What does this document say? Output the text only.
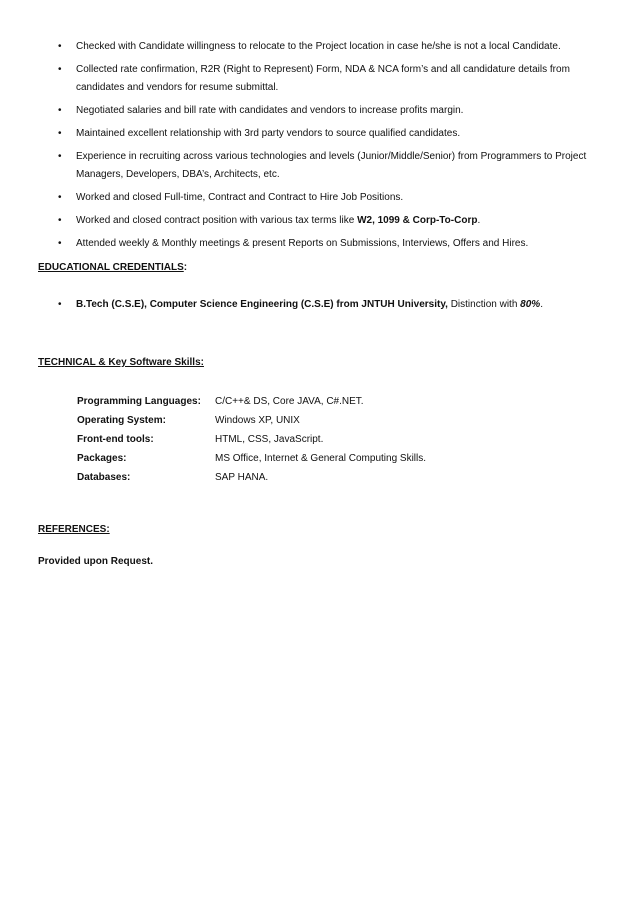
• Checked with Candidate willingness to relocate to the Project location in case he/she is not a local Candidate.
• Collected rate confirmation, R2R (Right to Represent) Form, NDA & NCA form’s and all candidature details from candidates and vendors for resume submittal.
• Negotiated salaries and bill rate with candidates and vendors to increase profits margin.
• Maintained excellent relationship with 3rd party vendors to source qualified candidates.
• Experience in recruiting across various technologies and levels (Junior/Middle/Senior) from Programmers to Project Managers, Developers, DBA’s, Architects, etc.
• Worked and closed Full-time, Contract and Contract to Hire Job Positions.
• Worked and closed contract position with various tax terms like W2, 1099 & Corp-To-Corp.
• Attended weekly & Monthly meetings & present Reports on Submissions, Interviews, Offers and Hires.
EDUCATIONAL CREDENTIALS:
• B.Tech (C.S.E), Computer Science Engineering (C.S.E) from JNTUH University, Distinction with 80%.
TECHNICAL & Key Software Skills:
Programming Languages: C/C++& DS, Core JAVA, C#.NET.
Operating System:	Windows XP, UNIX
Front-end tools:	HTML, CSS, JavaScript.
Packages:	MS Office, Internet & General Computing Skills.
Databases:	SAP HANA.
REFERENCES:
Provided upon Request.
